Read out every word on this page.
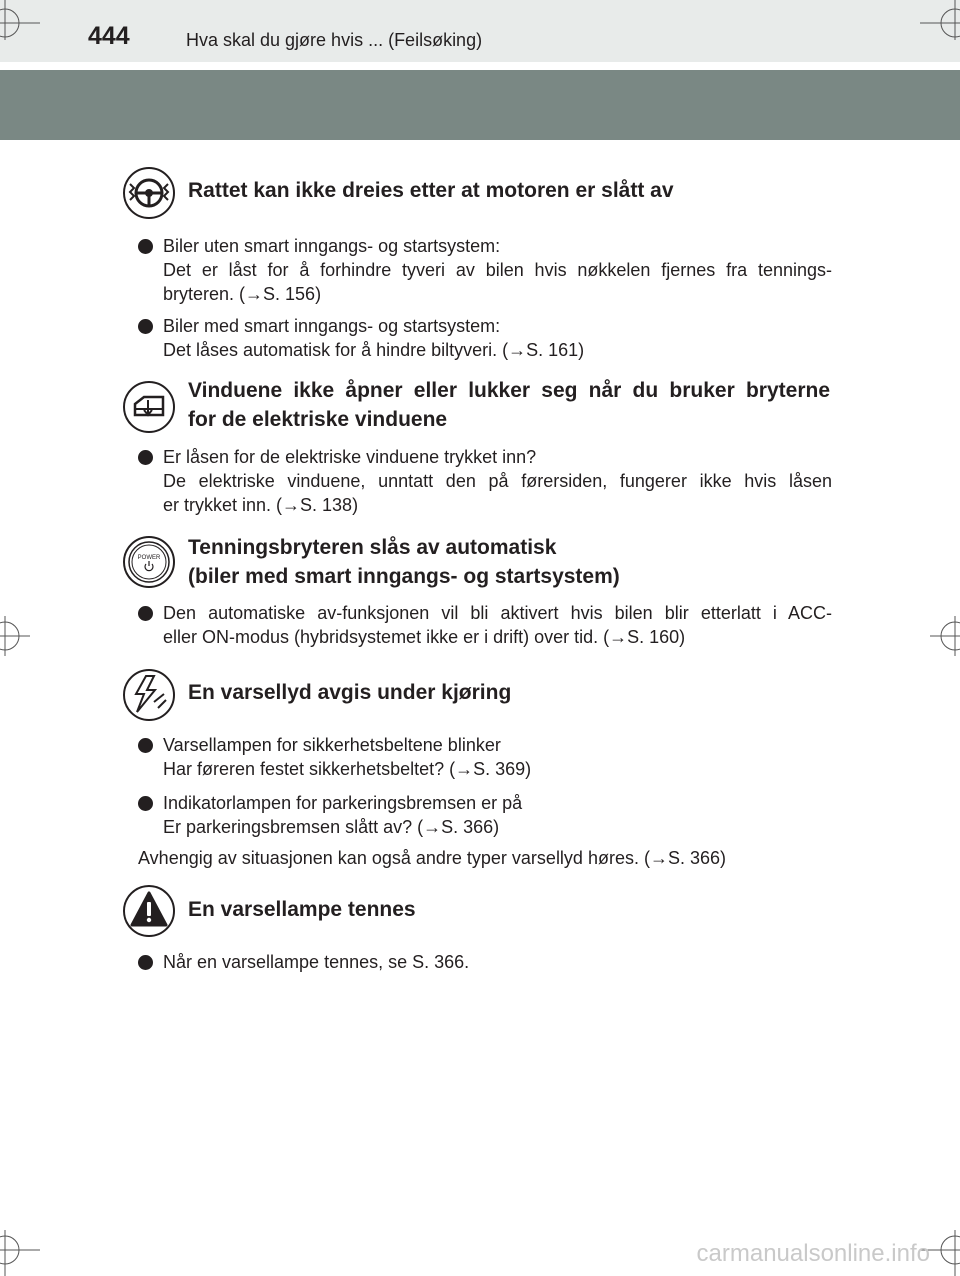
444	Hva skal du gjøre hvis ... (Feilsøking)
Rattet kan ikke dreies etter at motoren er slått av
Biler uten smart inngangs- og startsystem:
Det er låst for å forhindre tyveri av bilen hvis nøkkelen fjernes fra tennings-
bryteren. (→S. 156)
Biler med smart inngangs- og startsystem:
Det låses automatisk for å hindre biltyveri. (→S. 161)
Vinduene ikke åpner eller lukker seg når du bruker bryterne
for de elektriske vinduene
Er låsen for de elektriske vinduene trykket inn?
De elektriske vinduene, unntatt den på førersiden, fungerer ikke hvis låsen
er trykket inn. (→S. 138)
POWER Tenningsbryteren slås av automatisk
(biler med smart inngangs- og startsystem)
Den automatiske av-funksjonen vil bli aktivert hvis bilen blir etterlatt i ACC-
eller ON-modus (hybridsystemet ikke er i drift) over tid. (→S. 160)
En varsellyd avgis under kjøring
Varsellampen for sikkerhetsbeltene blinker
Har føreren festet sikkerhetsbeltet? (→S. 369)
Indikatorlampen for parkeringsbremsen er på
Er parkeringsbremsen slått av? (→S. 366)
Avhengig av situasjonen kan også andre typer varsellyd høres. (→S. 366)
En varsellampe tennes
Når en varsellampe tennes, se S. 366.
carmanualsonline.info
